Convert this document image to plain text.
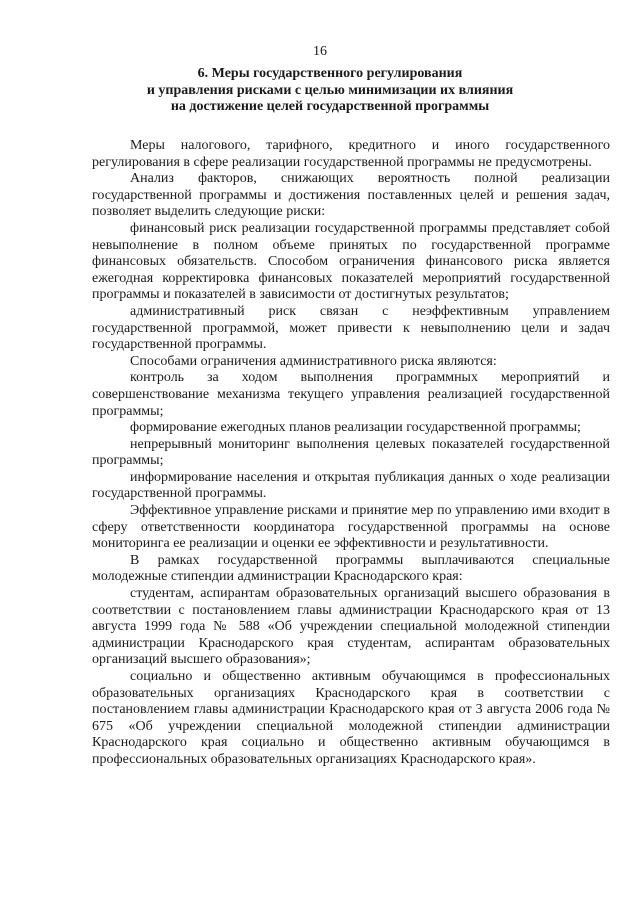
16
6. Меры государственного регулирования
и управления рисками с целью минимизации их влияния
на достижение целей государственной программы

Меры налогового, тарифного, кредитного и иного государственного регулирования в сфере реализации государственной программы не предусмотрены.

Анализ факторов, снижающих вероятность полной реализации государственной программы и достижения поставленных целей и решения задач, позволяет выделить следующие риски:

финансовый риск реализации государственной программы представляет собой невыполнение в полном объеме принятых по государственной программе финансовых обязательств. Способом ограничения финансового риска является ежегодная корректировка финансовых показателей мероприятий государственной программы и показателей в зависимости от достигнутых результатов;

административный риск связан с неэффективным управлением государственной программой, может привести к невыполнению цели и задач государственной программы.

Способами ограничения административного риска являются:

контроль за ходом выполнения программных мероприятий и совершенствование механизма текущего управления реализацией государственной программы;

формирование ежегодных планов реализации государственной программы;

непрерывный мониторинг выполнения целевых показателей государственной программы;

информирование населения и открытая публикация данных о ходе реализации государственной программы.

Эффективное управление рисками и принятие мер по управлению ими входит в сферу ответственности координатора государственной программы на основе мониторинга ее реализации и оценки ее эффективности и результативности.

В рамках государственной программы выплачиваются специальные молодежные стипендии администрации Краснодарского края:

студентам, аспирантам образовательных организаций высшего образования в соответствии с постановлением главы администрации Краснодарского края от 13 августа 1999 года № 588 «Об учреждении специальной молодежной стипендии администрации Краснодарского края студентам, аспирантам образовательных организаций высшего образования»;

социально и общественно активным обучающимся в профессиональных образовательных организациях Краснодарского края в соответствии с постановлением главы администрации Краснодарского края от 3 августа 2006 года № 675 «Об учреждении специальной молодежной стипендии администрации Краснодарского края социально и общественно активным обучающимся в профессиональных образовательных организациях Краснодарского края».
